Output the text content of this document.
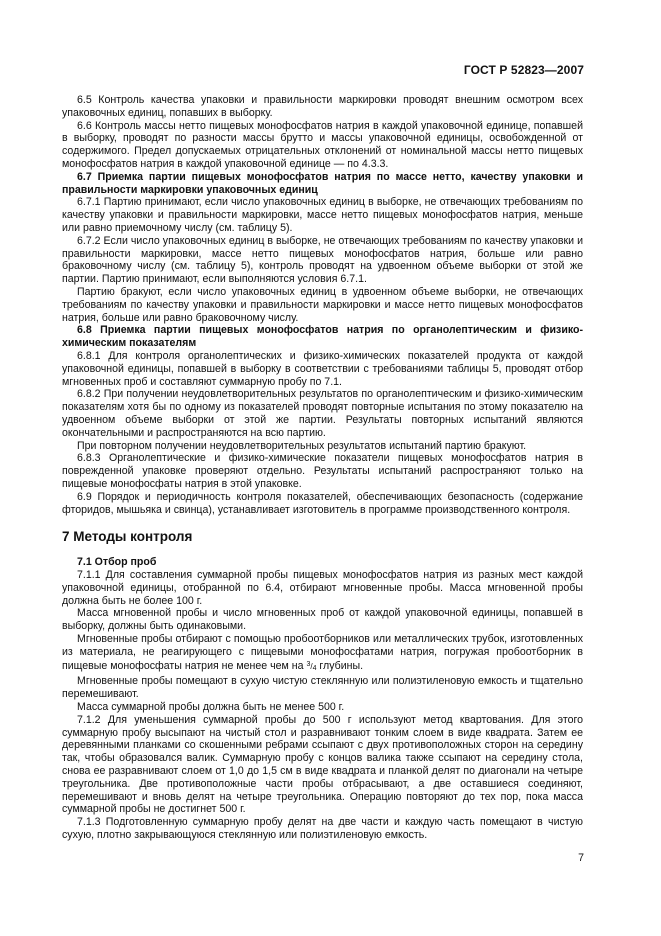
ГОСТ Р 52823—2007

6.5 Контроль качества упаковки и правильности маркировки проводят внешним осмотром всех упаковочных единиц, попавших в выборку.

6.6 Контроль массы нетто пищевых монофосфатов натрия в каждой упаковочной единице, попавшей в выборку, проводят по разности массы брутто и массы упаковочной единицы, освобожденной от содержимого. Предел допускаемых отрицательных отклонений от номинальной массы нетто пищевых монофосфатов натрия в каждой упаковочной единице — по 4.3.3.

6.7 Приемка партии пищевых монофосфатов натрия по массе нетто, качеству упаковки и правильности маркировки упаковочных единиц

6.7.1 Партию принимают, если число упаковочных единиц в выборке, не отвечающих требованиям по качеству упаковки и правильности маркировки, массе нетто пищевых монофосфатов натрия, меньше или равно приемочному числу (см. таблицу 5).

6.7.2 Если число упаковочных единиц в выборке, не отвечающих требованиям по качеству упаковки и правильности маркировки, массе нетто пищевых монофосфатов натрия, больше или равно браковочному числу (см. таблицу 5), контроль проводят на удвоенном объеме выборки от этой же партии. Партию принимают, если выполняются условия 6.7.1.

Партию бракуют, если число упаковочных единиц в удвоенном объеме выборки, не отвечающих требованиям по качеству упаковки и правильности маркировки и массе нетто пищевых монофосфатов натрия, больше или равно браковочному числу.

6.8 Приемка партии пищевых монофосфатов натрия по органолептическим и физико-химическим показателям

6.8.1 Для контроля органолептических и физико-химических показателей продукта от каждой упаковочной единицы, попавшей в выборку в соответствии с требованиями таблицы 5, проводят отбор мгновенных проб и составляют суммарную пробу по 7.1.

6.8.2 При получении неудовлетворительных результатов по органолептическим и физико-химическим показателям хотя бы по одному из показателей проводят повторные испытания по этому показателю на удвоенном объеме выборки от этой же партии. Результаты повторных испытаний являются окончательными и распространяются на всю партию.

При повторном получении неудовлетворительных результатов испытаний партию бракуют.

6.8.3 Органолептические и физико-химические показатели пищевых монофосфатов натрия в поврежденной упаковке проверяют отдельно. Результаты испытаний распространяют только на пищевые монофосфаты натрия в этой упаковке.

6.9 Порядок и периодичность контроля показателей, обеспечивающих безопасность (содержание фторидов, мышьяка и свинца), устанавливает изготовитель в программе производственного контроля.

7 Методы контроля

7.1 Отбор проб

7.1.1 Для составления суммарной пробы пищевых монофосфатов натрия из разных мест каждой упаковочной единицы, отобранной по 6.4, отбирают мгновенные пробы. Масса мгновенной пробы должна быть не более 100 г.

Масса мгновенной пробы и число мгновенных проб от каждой упаковочной единицы, попавшей в выборку, должны быть одинаковыми.

Мгновенные пробы отбирают с помощью пробоотборников или металлических трубок, изготовленных из материала, не реагирующего с пищевыми монофосфатами натрия, погружая пробоотборник в пищевые монофосфаты натрия не менее чем на $^3/_4$ глубины.

Мгновенные пробы помещают в сухую чистую стеклянную или полиэтиленовую емкость и тщательно перемешивают.

Масса суммарной пробы должна быть не менее 500 г.

7.1.2 Для уменьшения суммарной пробы до 500 г используют метод квартования. Для этого суммарную пробу высыпают на чистый стол и разравнивают тонким слоем в виде квадрата. Затем ее деревянными планками со скошенными ребрами ссыпают с двух противоположных сторон на середину так, чтобы образовался валик. Суммарную пробу с концов валика также ссыпают на середину стола, снова ее разравнивают слоем от 1,0 до 1,5 см в виде квадрата и планкой делят по диагонали на четыре треугольника. Две противоположные части пробы отбрасывают, а две оставшиеся соединяют, перемешивают и вновь делят на четыре треугольника. Операцию повторяют до тех пор, пока масса суммарной пробы не достигнет 500 г.

7.1.3 Подготовленную суммарную пробу делят на две части и каждую часть помещают в чистую сухую, плотно закрывающуюся стеклянную или полиэтиленовую емкость.

7
